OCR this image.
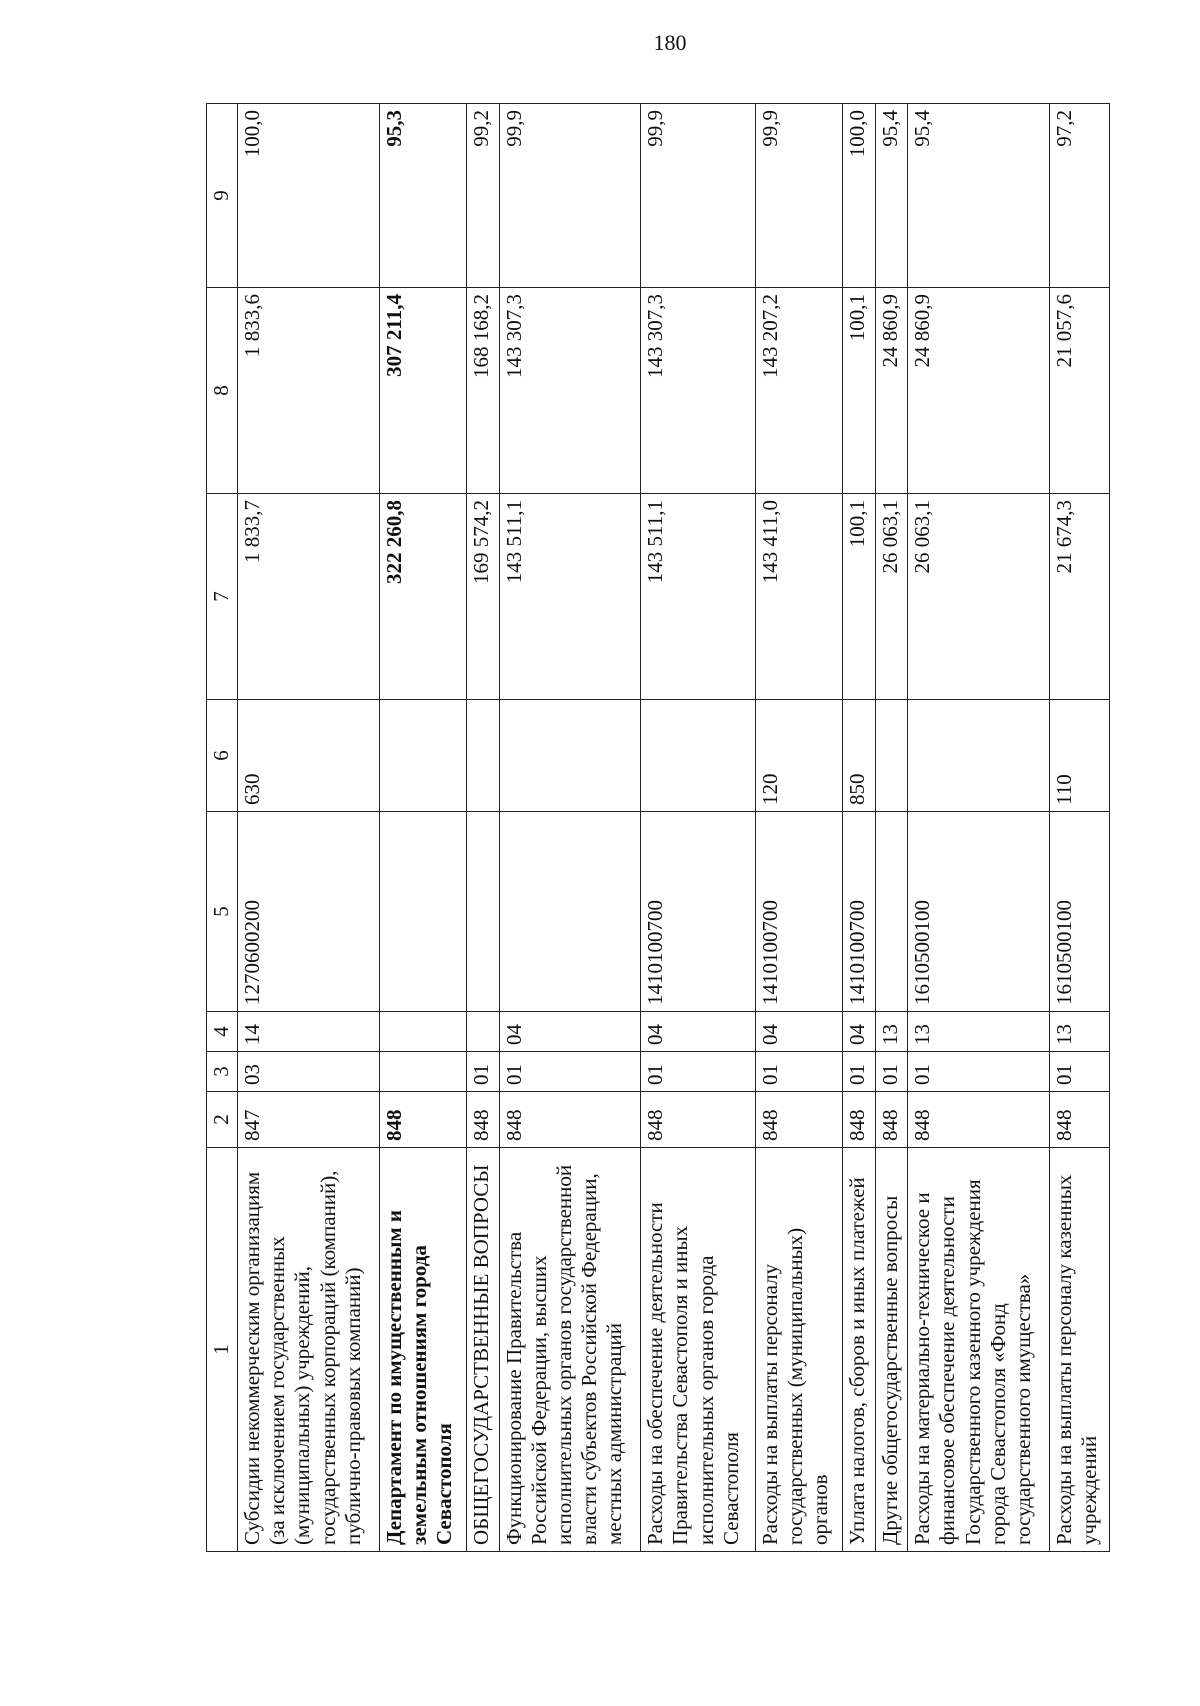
180
1	2	3	4	5	6	7	8	9
Субсидии некоммерческим организациям (за исключением государственных (муниципальных) учреждений, государственных корпораций (компаний), публично-правовых компаний)	847	03	14	1270600200	630	1 833,7	1 833,6	100,0
Департамент по имущественным и земельным отношениям города Севастополя	848					322 260,8	307 211,4	95,3
ОБЩЕГОСУДАРСТВЕННЫЕ ВОПРОСЫ	848	01				169 574,2	168 168,2	99,2
Функционирование Правительства Российской Федерации, высших исполнительных органов государственной власти субъектов Российской Федерации, местных администраций	848	01	04			143 511,1	143 307,3	99,9
Расходы на обеспечение деятельности Правительства Севастополя и иных исполнительных органов города Севастополя	848	01	04	1410100700		143 511,1	143 307,3	99,9
Расходы на выплаты персоналу государственных (муниципальных) органов	848	01	04	1410100700	120	143 411,0	143 207,2	99,9
Уплата налогов, сборов и иных платежей	848	01	04	1410100700	850	100,1	100,1	100,0
Другие общегосударственные вопросы	848	01	13			26 063,1	24 860,9	95,4
Расходы на материально-техническое и финансовое обеспечение деятельности Государственного казенного учреждения города Севастополя «Фонд государственного имущества»	848	01	13	1610500100		26 063,1	24 860,9	95,4
Расходы на выплаты персоналу казенных учреждений	848	01	13	1610500100	110	21 674,3	21 057,6	97,2
